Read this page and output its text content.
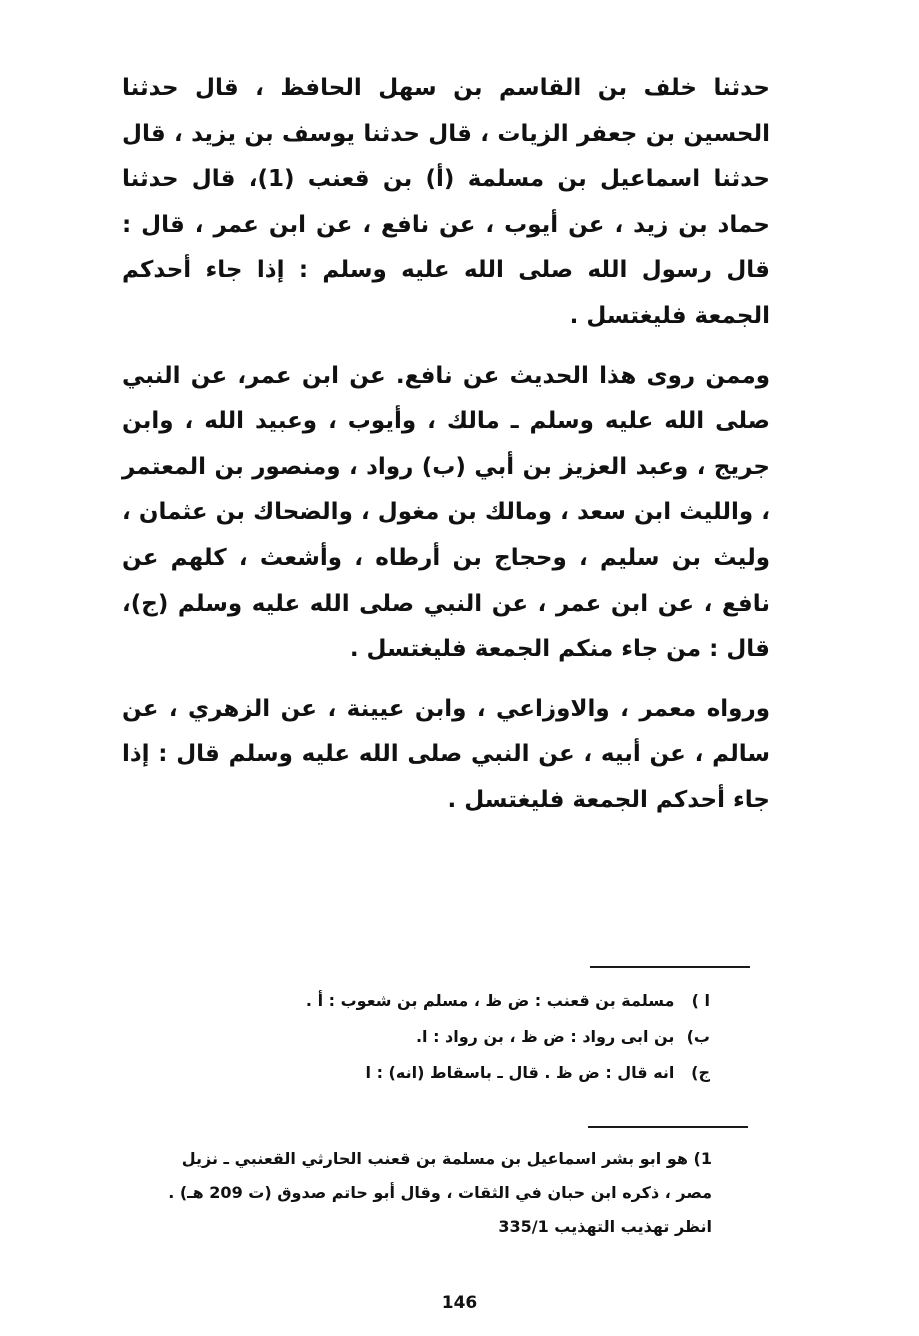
حدثنا خلف بن القاسم بن سهل الحافظ ، قال حدثنا الحسين بن جعفر الزيات ، قال حدثنا يوسف بن يزيد ، قال حدثنا اسماعيل بن مسلمة (أ) بن قعنب (1)، قال حدثنا حماد بن زيد ، عن أيوب ، عن نافع ، عن ابن عمر ، قال : قال رسول الله صلى الله عليه وسلم : إذا جاء أحدكم الجمعة فليغتسل .

وممن روى هذا الحديث عن نافع. عن ابن عمر، عن النبي صلى الله عليه وسلم ـ مالك ، وأيوب ، وعبيد الله ، وابن جريج ، وعبد العزيز بن أبي (ب) رواد ، ومنصور بن المعتمر ، والليث ابن سعد ، ومالك بن مغول ، والضحاك بن عثمان ، وليث بن سليم ، وحجاج بن أرطاه ، وأشعث ، كلهم عن نافع ، عن ابن عمر ، عن النبي صلى الله عليه وسلم (ج)، قال : من جاء منكم الجمعة فليغتسل .

ورواه معمر ، والاوزاعي ، وابن عيينة ، عن الزهري ، عن سالم ، عن أبيه ، عن النبي صلى الله عليه وسلم قال : إذا جاء أحدكم الجمعة فليغتسل .

ا ) مسلمة بن قعنب : ض ظ ، مسلم بن شعوب : أ .
ب) بن ابى رواد : ض ظ ، بن رواد : ا.
ج) انه قال : ض ظ . قال ـ باسقاط (انه) : ا
1) هو ابو بشر اسماعيل بن مسلمة بن قعنب الحارثي القعنبي ـ نزيل
مصر ، ذكره ابن حبان في الثقات ، وقال أبو حاتم صدوق (ت 209 هـ) .
انظر تهذيب التهذيب 335/1
146
